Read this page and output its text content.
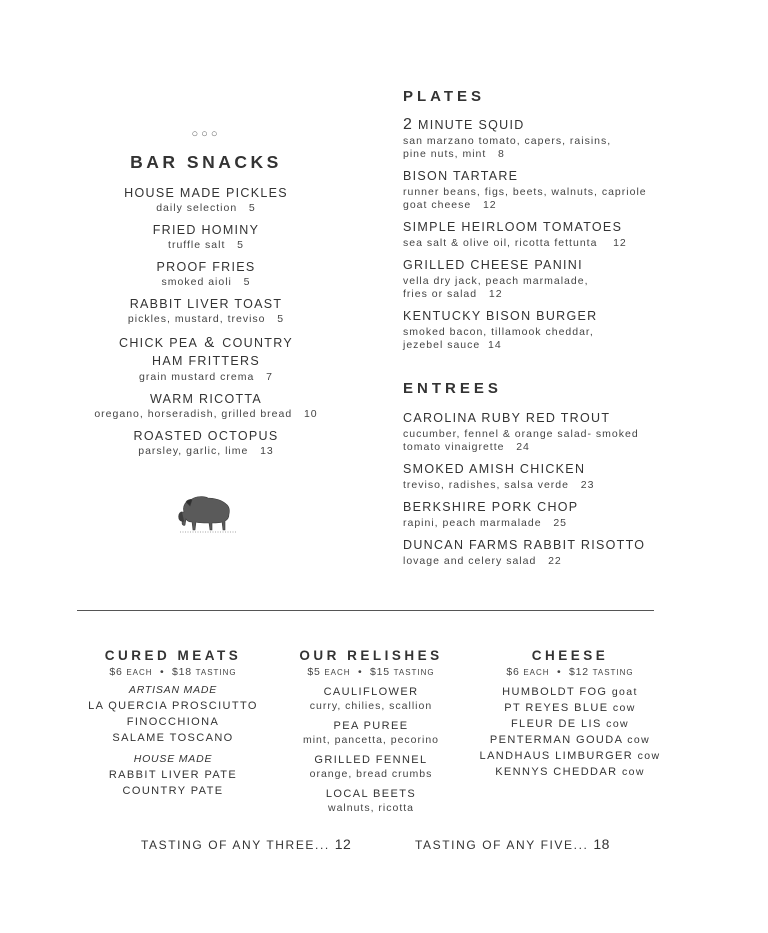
○○○
BAR SNACKS
HOUSE MADE PICKLES
daily selection   5
FRIED HOMINY
truffle salt   5
PROOF FRIES
smoked aioli   5
RABBIT LIVER TOAST
pickles, mustard, treviso   5
CHICK PEA & COUNTRY
HAM FRITTERS
grain mustard crema   7
WARM RICOTTA
oregano, horseradish, grilled bread   10
ROASTED OCTOPUS
parsley, garlic, lime   13
PLATES
2 MINUTE SQUID
san marzano tomato, capers, raisins,
pine nuts, mint   8
BISON TARTARE
runner beans, figs, beets, walnuts, capriole
goat cheese   12
SIMPLE HEIRLOOM TOMATOES
sea salt & olive oil, ricotta fettunta    12
GRILLED CHEESE PANINI
vella dry jack, peach marmalade,
fries or salad   12
KENTUCKY BISON BURGER
smoked bacon, tillamook cheddar,
jezebel sauce  14
ENTREES
CAROLINA RUBY RED TROUT
cucumber, fennel & orange salad- smoked
tomato vinaigrette   24
SMOKED AMISH CHICKEN
treviso, radishes, salsa verde   23
BERKSHIRE PORK CHOP
rapini, peach marmalade   25
DUNCAN FARMS RABBIT RISOTTO
lovage and celery salad   22
CURED MEATS
$6 EACH  •  $18 TASTING
ARTISAN MADE
LA QUERCIA PROSCIUTTO
FINOCCHIONA
SALAME TOSCANO
HOUSE MADE
RABBIT LIVER PATE
COUNTRY PATE
OUR RELISHES
$5 EACH  •  $15 TASTING
CAULIFLOWER
curry, chilies, scallion
PEA PUREE
mint, pancetta, pecorino
GRILLED FENNEL
orange, bread crumbs
LOCAL BEETS
walnuts, ricotta
CHEESE
$6 EACH  •  $12 TASTING
HUMBOLDT FOG goat
PT REYES BLUE cow
FLEUR DE LIS cow
PENTERMAN GOUDA cow
LANDHAUS LIMBURGER cow
KENNYS CHEDDAR cow
TASTING OF ANY THREE... 12	TASTING OF ANY FIVE... 18
